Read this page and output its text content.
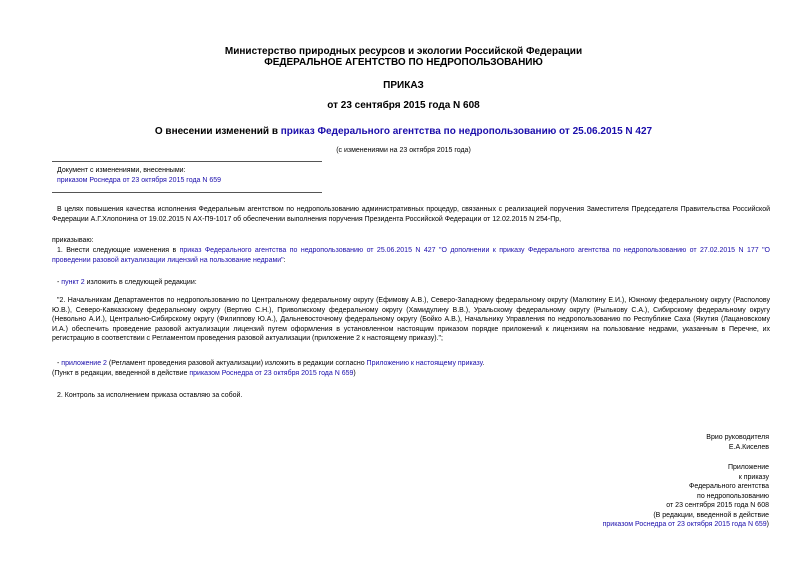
Министерство природных ресурсов и экологии Российской Федерации
ФЕДЕРАЛЬНОЕ АГЕНТСТВО ПО НЕДРОПОЛЬЗОВАНИЮ
ПРИКАЗ
от 23 сентября 2015 года N 608
О внесении изменений в приказ Федерального агентства по недропользованию от 25.06.2015 N 427
(с изменениями на 23 октября 2015 года)
Документ с изменениями, внесенными:
приказом Роснедра от 23 октября 2015 года N 659
В целях повышения качества исполнения Федеральным агентством по недропользованию административных процедур, связанных с реализацией поручения Заместителя Председателя Правительства Российской Федерации А.Г.Хлопонина от 19.02.2015 N АХ-П9-1017 об обеспечении выполнения поручения Президента Российской Федерации от 12.02.2015 N 254-Пр,
приказываю:
1. Внести следующие изменения в приказ Федерального агентства по недропользованию от 25.06.2015 N 427 "О дополнении к приказу Федерального агентства по недропользованию от 27.02.2015 N 177 "О проведении разовой актуализации лицензий на пользование недрами":
- пункт 2 изложить в следующей редакции:
"2. Начальникам Департаментов по недропользованию по Центральному федеральному округу (Ефимову А.В.), Северо-Западному федеральному округу (Малютину Е.И.), Южному федеральному округу (Располову Ю.В.), Северо-Кавказскому федеральному округу (Вертию С.Н.), Приволжскому федеральному округу (Хамидулину В.В.), Уральскому федеральному округу (Рылькову С.А.), Сибирскому федеральному округу (Невольно А.И.), Центрально-Сибирскому округу (Филиппову Ю.А.), Дальневосточному федеральному округу (Бойко А.В.), Начальнику Управления по недропользованию по Республике Саха (Якутия (Лацановскому И.А.) обеспечить проведение разовой актуализации лицензий путем оформления в установленном настоящим приказом порядке приложений к лицензиям на пользование недрами, указанным в Перечне, их регистрацию в соответствии с Регламентом проведения разовой актуализации (приложение 2 к настоящему приказу).";
- приложение 2 (Регламент проведения разовой актуализации) изложить в редакции согласно Приложению к настоящему приказу.
(Пункт в редакции, введенной в действие приказом Роснедра от 23 октября 2015 года N 659)
2. Контроль за исполнением приказа оставляю за собой.
Врио руководителя
Е.А.Киселев
Приложение
к приказу
Федерального агентства
по недропользованию
от 23 сентября 2015 года N 608
(В редакции, введенной в действие
приказом Роснедра от 23 октября 2015 года N 659)
